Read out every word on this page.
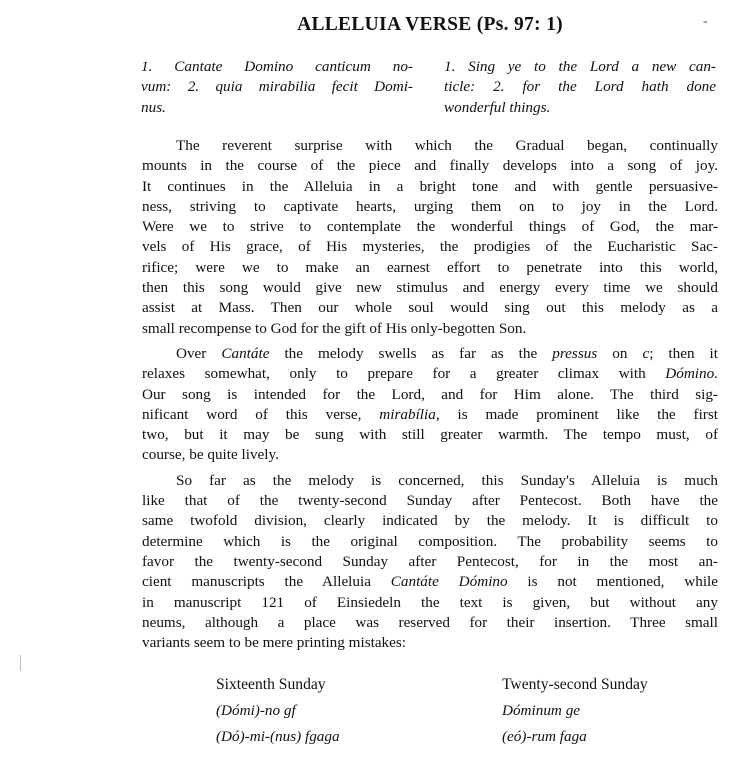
ALLELUIA VERSE (Ps. 97: 1)	-
1. Cantate Domino canticum no-
vum: 2. quia mirabilia fecit Domi-
nus.
1. Sing ye to the Lord a new can-
ticle: 2. for the Lord hath done
wonderful things.
The reverent surprise with which the Gradual began, continually
mounts in the course of the piece and finally develops into a song of joy.
It continues in the Alleluia in a bright tone and with gentle persuasive-
ness, striving to captivate hearts, urging them on to joy in the Lord.
Were we to strive to contemplate the wonderful things of God, the mar-
vels of His grace, of His mysteries, the prodigies of the Eucharistic Sac-
rifice; were we to make an earnest effort to penetrate into this world,
then this song would give new stimulus and energy every time we should
assist at Mass. Then our whole soul would sing out this melody as a
small recompense to God for the gift of His only-begotten Son.
Over Cantáte the melody swells as far as the pressus on c; then it
relaxes somewhat, only to prepare for a greater climax with Dómino.
Our song is intended for the Lord, and for Him alone. The third sig-
nificant word of this verse, mirabília, is made prominent like the first
two, but it may be sung with still greater warmth. The tempo must, of
course, be quite lively.
So far as the melody is concerned, this Sunday's Alleluia is much
like that of the twenty-second Sunday after Pentecost. Both have the
same twofold division, clearly indicated by the melody. It is difficult to
determine which is the original composition. The probability seems to
favor the twenty-second Sunday after Pentecost, for in the most an-
cient manuscripts the Alleluia Cantáte Dómino is not mentioned, while
in manuscript 121 of Einsiedeln the text is given, but without any
neums, although a place was reserved for their insertion. Three small
variants seem to be mere printing mistakes:
Sixteenth Sunday
(Dómi)-no gf
(Dó)-mi-(nus) fgaga
Twenty-second Sunday
Dóminum ge
(eó)-rum faga
